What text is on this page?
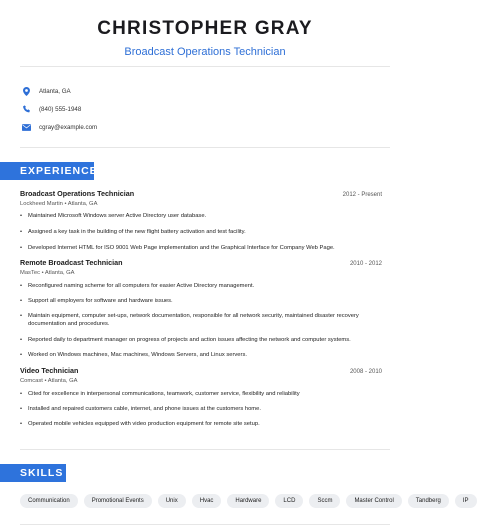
CHRISTOPHER GRAY
Broadcast Operations Technician
Atlanta, GA
(840) 555-1948
cgray@example.com
EXPERIENCE
Broadcast Operations Technician	2012 - Present
Lockheed Martin • Atlanta, GA
• Maintained Microsoft Windows server Active Directory user database.
• Assigned a key task in the building of the new flight battery activation and test facility.
• Developed Internet HTML for ISO 9001 Web Page implementation and the Graphical Interface for Company Web Page.
Remote Broadcast Technician	2010 - 2012
MasTec • Atlanta, GA
• Reconfigured naming scheme for all computers for easier Active Directory management.
• Support all employers for software and hardware issues.
• Maintain equipment, computer set-ups, network documentation, responsible for all network security, maintained disaster recovery documentation and procedures.
• Reported daily to department manager on progress of projects and action issues affecting the network and computer systems.
• Worked on Windows machines, Mac machines, Windows Servers, and Linux servers.
Video Technician	2008 - 2010
Comcast • Atlanta, GA
• Cited for excellence in interpersonal communications, teamwork, customer service, flexibility and reliability
• Installed and repaired customers cable, internet, and phone issues at the customers home.
• Operated mobile vehicles equipped with video production equipment for remote site setup.
SKILLS
Communication	Promotional Events	Unix	Hvac	Hardware	LCD	Sccm	Master Control	Tandberg	IP
